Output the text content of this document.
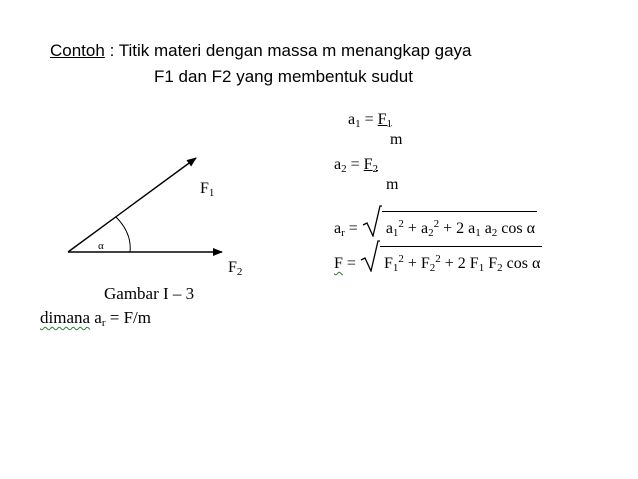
Contoh : Titik materi dengan massa m menangkap gaya
F1 dan F2 yang membentuk sudut
$F_1$
$F_2$
α
Gambar I – 3
dimana $a_r = F/m$
$a_1 = F_1$
m
$a_2 = F_2$
m
$a_r$ =
$a_1^2 + a_2^2 + 2$ $a_1$ $a_2$ cos α
F =
$F_1^2 + F_2^2 + 2$ $F_1$ $F_2$ cos α
